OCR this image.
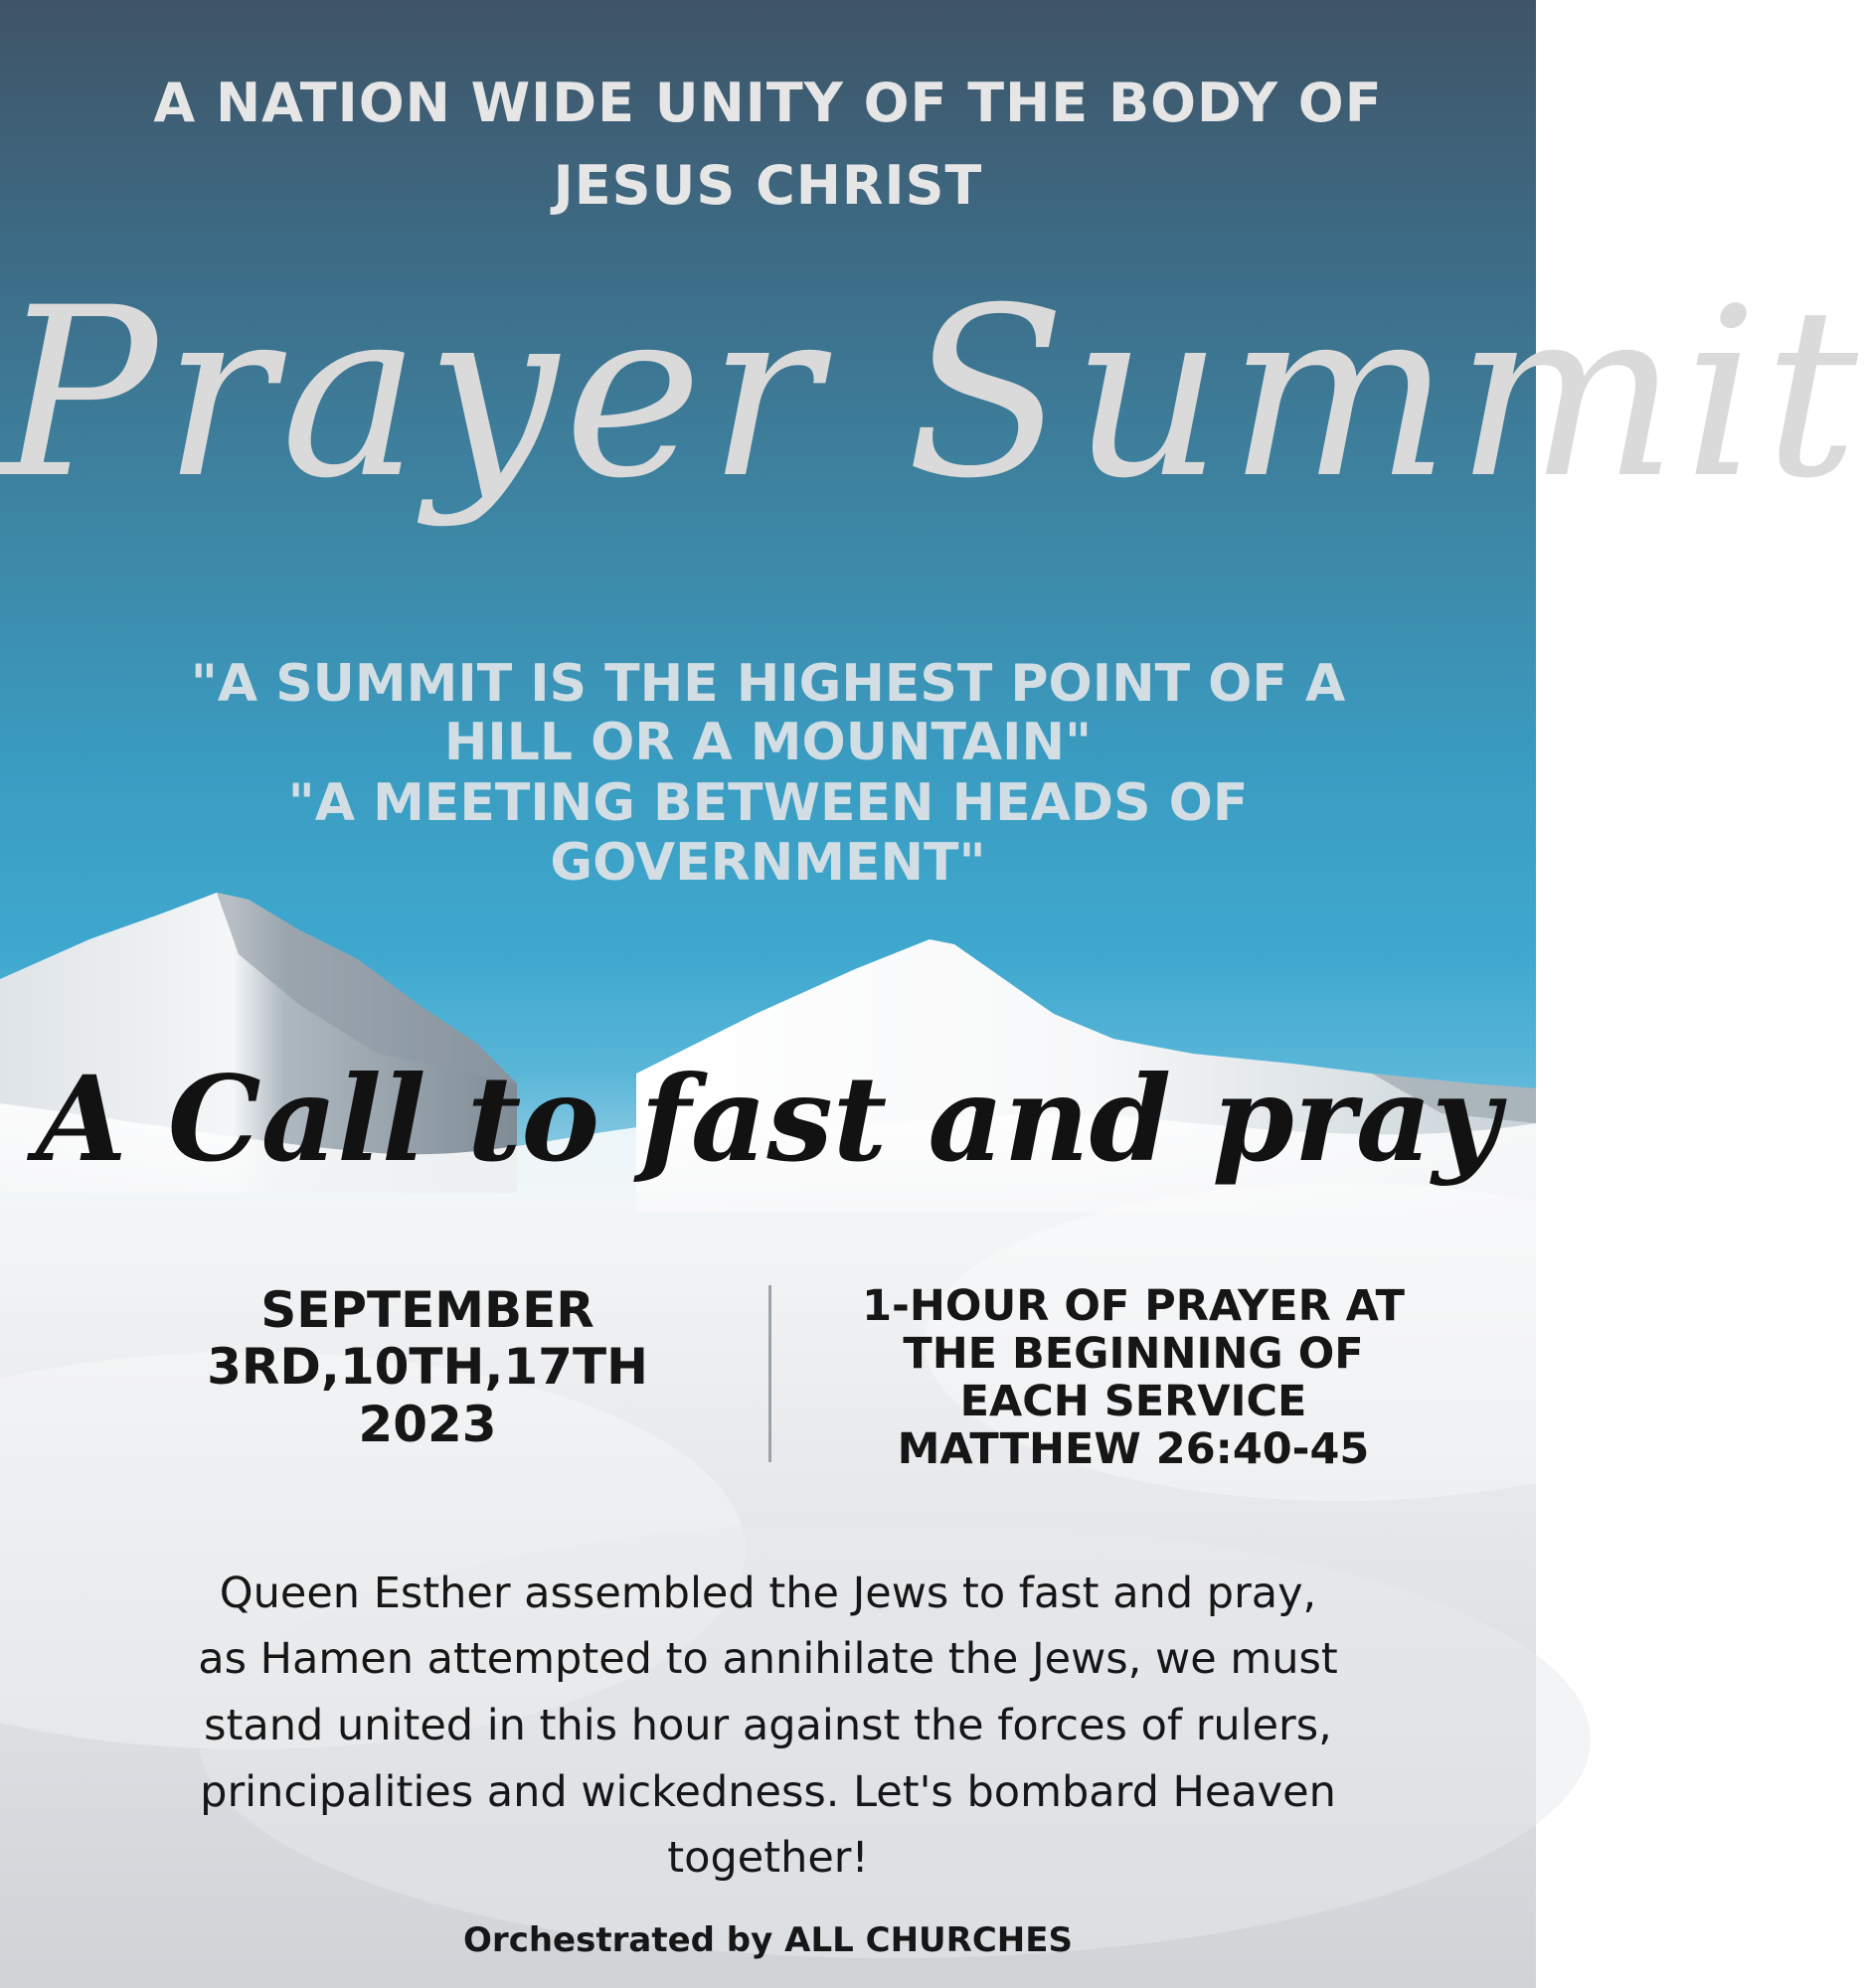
A NATION WIDE UNITY OF THE BODY OF

JESUS CHRIST

Prayer Summit

"A SUMMIT IS THE HIGHEST POINT OF A

HILL OR A MOUNTAIN"

"A MEETING BETWEEN HEADS OF

GOVERNMENT"

A Call to fast and pray

SEPTEMBER

3RD,10TH,17TH

2023

1-HOUR OF PRAYER AT

THE BEGINNING OF

EACH SERVICE

MATTHEW 26:40-45

Queen Esther assembled the Jews to fast and pray,

as Hamen attempted to annihilate the Jews, we must

stand united in this hour against the forces of rulers,

principalities and wickedness. Let's bombard Heaven

together!

Orchestrated by ALL CHURCHES
